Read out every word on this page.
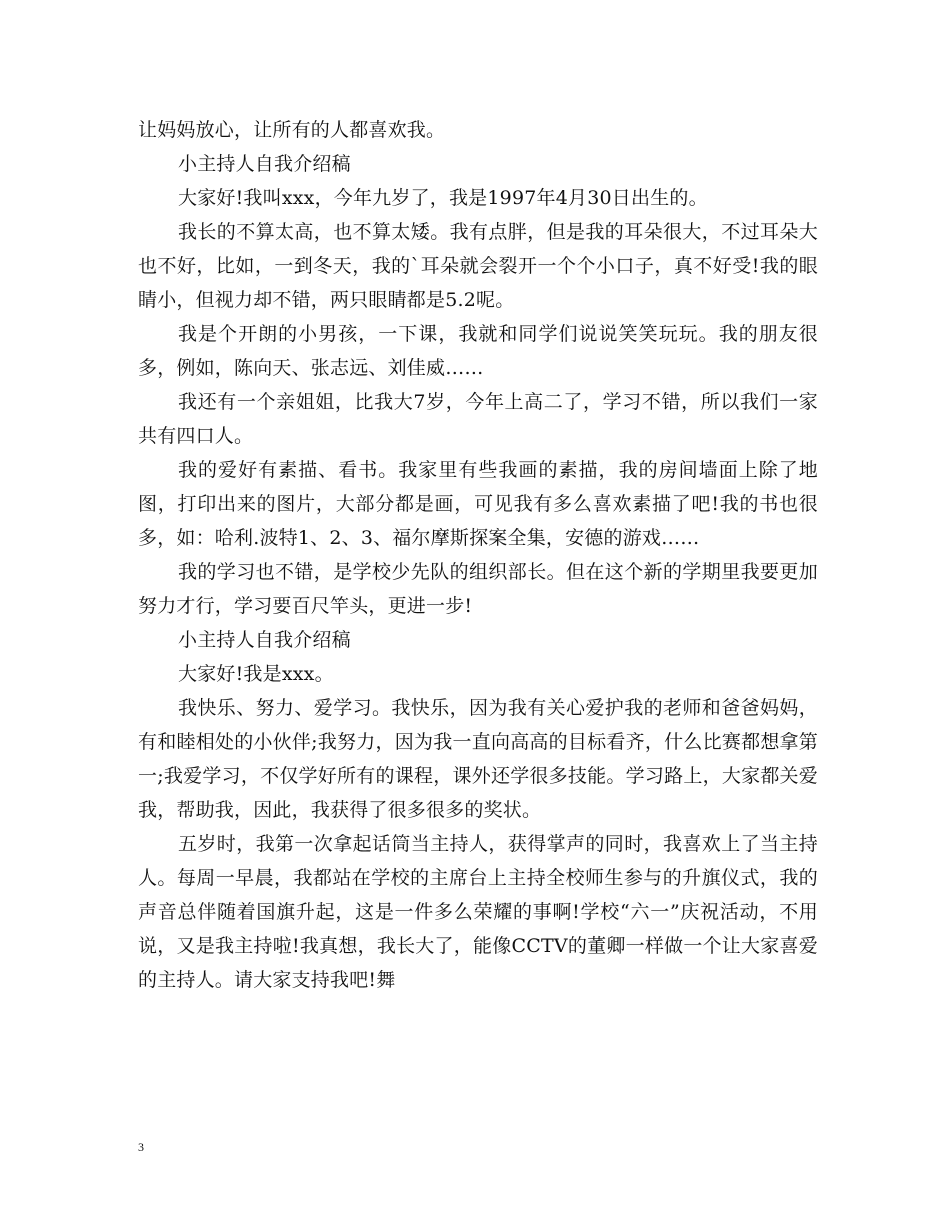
让妈妈放心，让所有的人都喜欢我。

小主持人自我介绍稿

大家好!我叫xxx，今年九岁了，我是1997年4月30日出生的。

我长的不算太高，也不算太矮。我有点胖，但是我的耳朵很大，不过耳朵大也不好，比如，一到冬天，我的`耳朵就会裂开一个个小口子，真不好受!我的眼睛小，但视力却不错，两只眼睛都是5.2呢。

我是个开朗的小男孩，一下课，我就和同学们说说笑笑玩玩。我的朋友很多，例如，陈向天、张志远、刘佳威……

我还有一个亲姐姐，比我大7岁，今年上高二了，学习不错，所以我们一家共有四口人。

我的爱好有素描、看书。我家里有些我画的素描，我的房间墙面上除了地图，打印出来的图片，大部分都是画，可见我有多么喜欢素描了吧!我的书也很多，如：哈利.波特1、2、3、福尔摩斯探案全集，安德的游戏……

我的学习也不错，是学校少先队的组织部长。但在这个新的学期里我要更加努力才行，学习要百尺竿头，更进一步!

小主持人自我介绍稿

大家好!我是xxx。

我快乐、努力、爱学习。我快乐，因为我有关心爱护我的老师和爸爸妈妈，有和睦相处的小伙伴;我努力，因为我一直向高高的目标看齐，什么比赛都想拿第一;我爱学习，不仅学好所有的课程，课外还学很多技能。学习路上，大家都关爱我，帮助我，因此，我获得了很多很多的奖状。

五岁时，我第一次拿起话筒当主持人，获得掌声的同时，我喜欢上了当主持人。每周一早晨，我都站在学校的主席台上主持全校师生参与的升旗仪式，我的声音总伴随着国旗升起，这是一件多么荣耀的事啊!学校“六一”庆祝活动，不用说，又是我主持啦!我真想，我长大了，能像CCTV的董卿一样做一个让大家喜爱的主持人。请大家支持我吧!舞

3
